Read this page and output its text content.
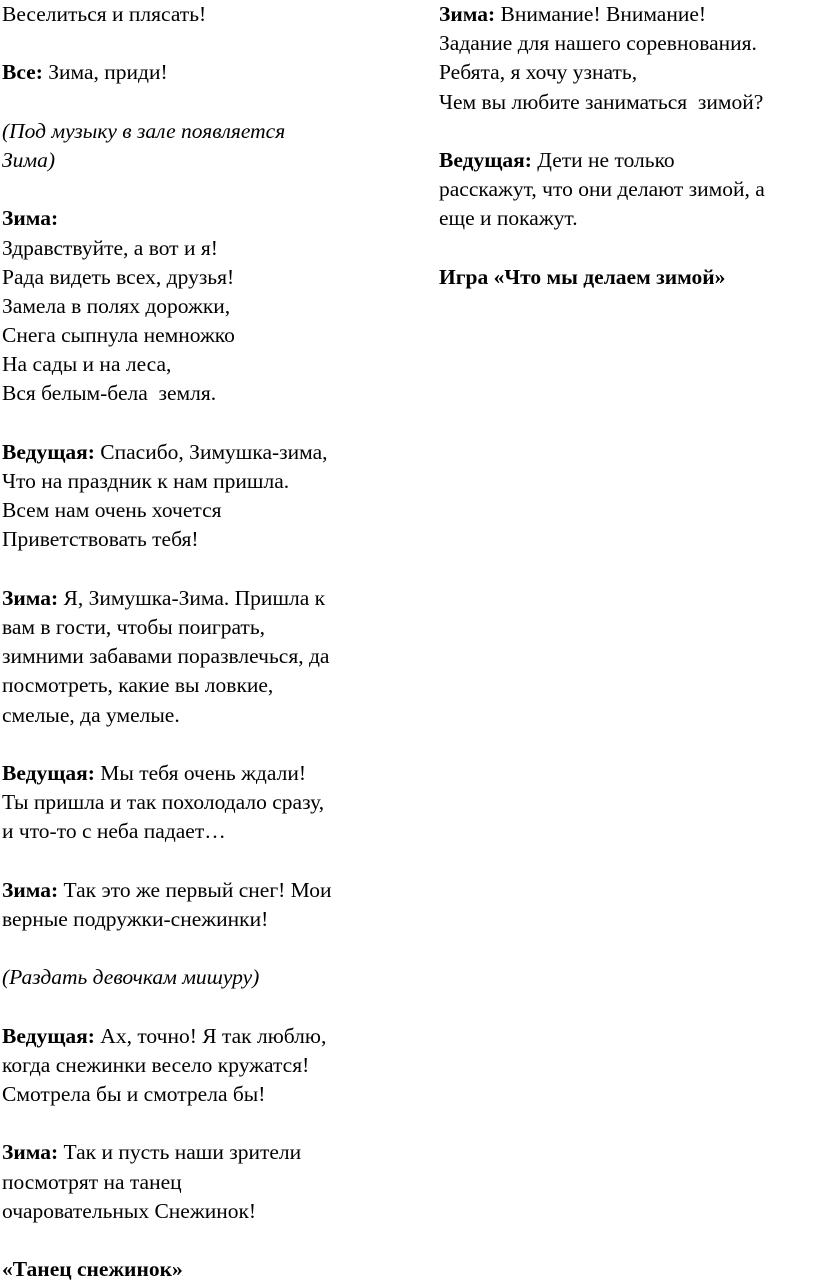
Веселиться и плясать!
Все: Зима, приди!
(Под музыку в зале появляется
Зима)
Зима:
Здравствуйте, а вот и я!
Рада видеть всех, друзья!
Замела в полях дорожки,
Снега сыпнула немножко
На сады и на леса,
Вся белым-бела  земля.
Ведущая: Спасибо, Зимушка-зима,
Что на праздник к нам пришла.
Всем нам очень хочется
Приветствовать тебя!
Зима: Я, Зимушка-Зима. Пришла к
вам в гости, чтобы поиграть,
зимними забавами поразвлечься, да
посмотреть, какие вы ловкие,
смелые, да умелые.
Ведущая: Мы тебя очень ждали!
Ты пришла и так похолодало сразу,
и что-то с неба падает…
Зима: Так это же первый снег! Мои
верные подружки-снежинки!
(Раздать девочкам мишуру)
Ведущая: Ах, точно! Я так люблю,
когда снежинки весело кружатся!
Смотрела бы и смотрела бы!
Зима: Так и пусть наши зрители
посмотрят на танец
очаровательных Снежинок!
«Танец снежинок»
Зима: Внимание! Внимание!
Задание для нашего соревнования.
Ребята, я хочу узнать,
Чем вы любите заниматься  зимой?
Ведущая: Дети не только
расскажут, что они делают зимой, а
еще и покажут.
Игра «Что мы делаем зимой»
